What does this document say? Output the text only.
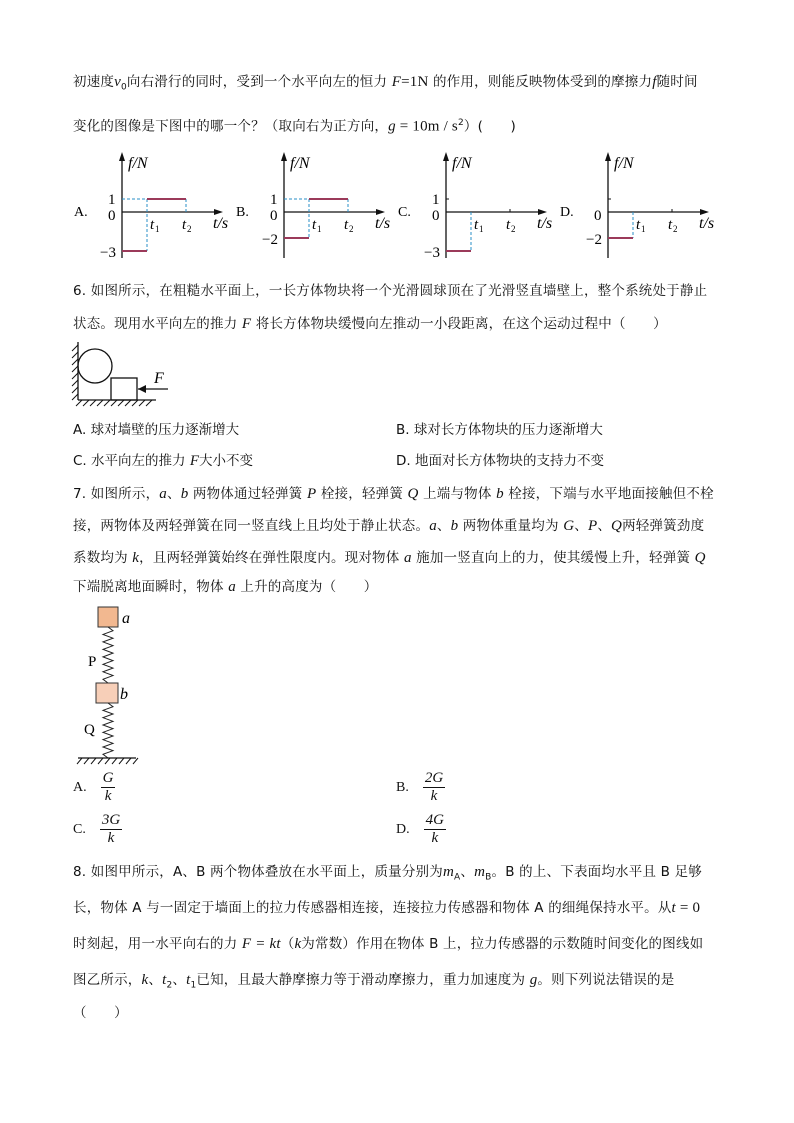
初速度$v_0$向右滑行的同时，受到一个水平向左的恒力 F=1N 的作用，则能反映物体受到的摩擦力f随时间
变化的图像是下图中的哪一个？（取向右为正方向，$g = 10m / s^2$）(　　)
A.
f/N
t/s
1
0
−3
t 1 t 2
B.
f/N
t/s
1
0
−2
t 1 t 2
C.
f/N
t/s
1
0
−3
t 1 t 2
D.
f/N
t/s
0
−2
t 1 t 2
6. 如图所示，在粗糙水平面上，一长方体物块将一个光滑圆球顶在了光滑竖直墙壁上，整个系统处于静止
状态。现用水平向左的推力 F 将长方体物块缓慢向左推动一小段距离，在这个运动过程中（　　）
F
A. 球对墙壁的压力逐渐增大	B. 球对长方体物块的压力逐渐增大
C. 水平向左的推力 F大小不变	D. 地面对长方体物块的支持力不变
7. 如图所示，a、b 两物体通过轻弹簧 P 栓接，轻弹簧 Q 上端与物体 b 栓接，下端与水平地面接触但不栓
接，两物体及两轻弹簧在同一竖直线上且均处于静止状态。a、b 两物体重量均为 G、P、Q两轻弹簧劲度
系数均为 k，且两轻弹簧始终在弹性限度内。现对物体 a 施加一竖直向上的力，使其缓慢上升，轻弹簧 Q
下端脱离地面瞬时，物体 a 上升的高度为（　　）
a
P
b
Q
A. $\frac{G}{k}$	B. $\frac{2G}{k}$
C. $\frac{3G}{k}$	D. $\frac{4G}{k}$
8. 如图甲所示，A、B 两个物体叠放在水平面上，质量分别为$m_A$、$m_B$。B 的上、下表面均水平且 B 足够
长，物体 A 与一固定于墙面上的拉力传感器相连接，连接拉力传感器和物体 A 的细绳保持水平。从t = 0
时刻起，用一水平向右的力 F = kt（k为常数）作用在物体 B 上，拉力传感器的示数随时间变化的图线如
图乙所示，k、$t_2$、$t_1$已知，且最大静摩擦力等于滑动摩擦力，重力加速度为 g。则下列说法错误的是
（　　）
